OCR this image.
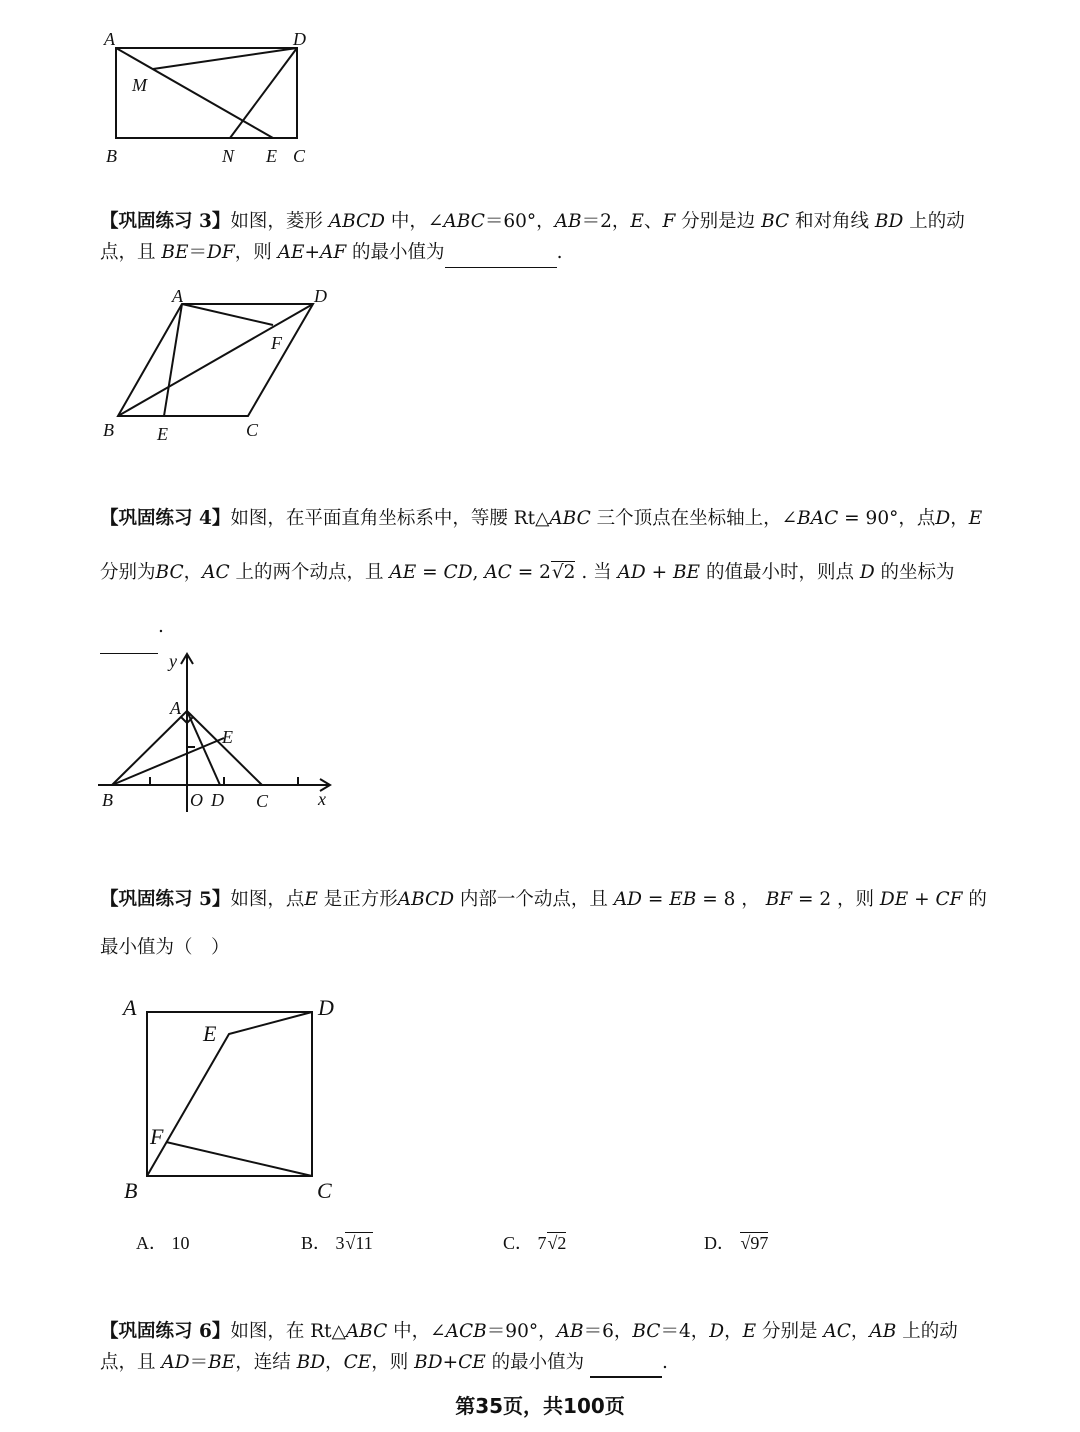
A	D
M
B	N E C
【巩固练习 3】如图，菱形 ABCD 中，∠ABC＝60°，AB＝2，E、F 分别是边 BC 和对角线 BD 上的动点，且 BE＝DF，则 AE+AF 的最小值为	.
A	D
F
B E	C
【巩固练习 4】如图，在平面直角坐标系中，等腰 Rt△ABC 三个顶点在坐标轴上，∠BAC = 90°，点D，E 分别为BC，AC 上的两个动点，且 AE = CD, AC = 2√2 . 当 AD + BE 的值最小时，则点 D 的坐标为.
y
A
E
B	O D C	x
【巩固练习 5】如图，点E 是正方形ABCD 内部一个动点，且 AD = EB = 8 ， BF = 2 ，则 DE + CF 的最小值为（　）
A	D
E
F
B	C
A． 10	B． 3√11	C． 7√2	D． √97
【巩固练习 6】如图，在 Rt△ABC 中，∠ACB＝90°，AB＝6，BC＝4，D，E 分别是 AC，AB 上的动点，且 AD＝BE，连结 BD，CE，则 BD+CE 的最小值为	.
第35页，共100页
